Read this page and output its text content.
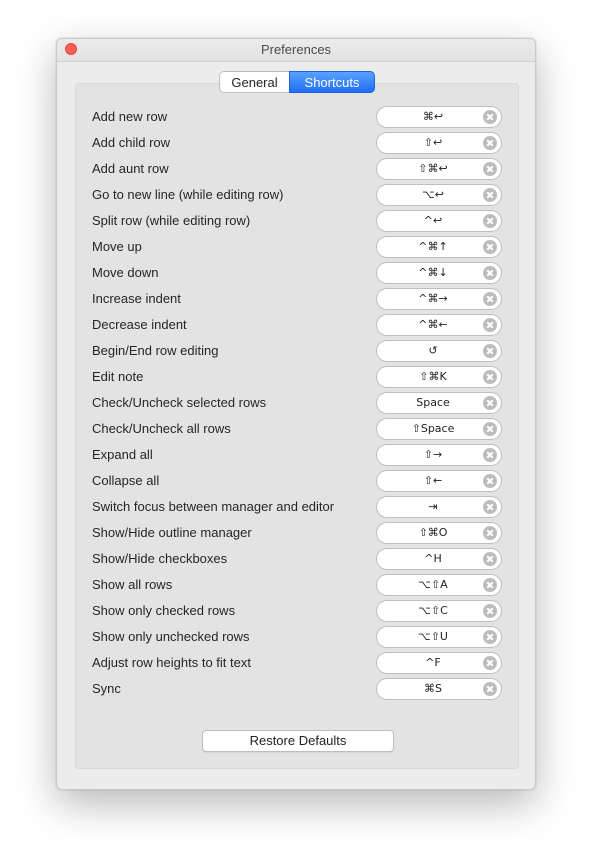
Preferences
General	Shortcuts
Add new row	⌘↩
Add child row	⇧↩
Add aunt row	⇧⌘↩
Go to new line (while editing row)	⌥↩
Split row (while editing row)	^↩
Move up	^⌘↑
Move down	^⌘↓
Increase indent	^⌘→
Decrease indent	^⌘←
Begin/End row editing	↺
Edit note	⇧⌘K
Check/Uncheck selected rows	Space
Check/Uncheck all rows	⇧Space
Expand all	⇧→
Collapse all	⇧←
Switch focus between manager and editor	⇥
Show/Hide outline manager	⇧⌘O
Show/Hide checkboxes	^H
Show all rows	⌥⇧A
Show only checked rows	⌥⇧C
Show only unchecked rows	⌥⇧U
Adjust row heights to fit text	^F
Sync	⌘S
Restore Defaults
